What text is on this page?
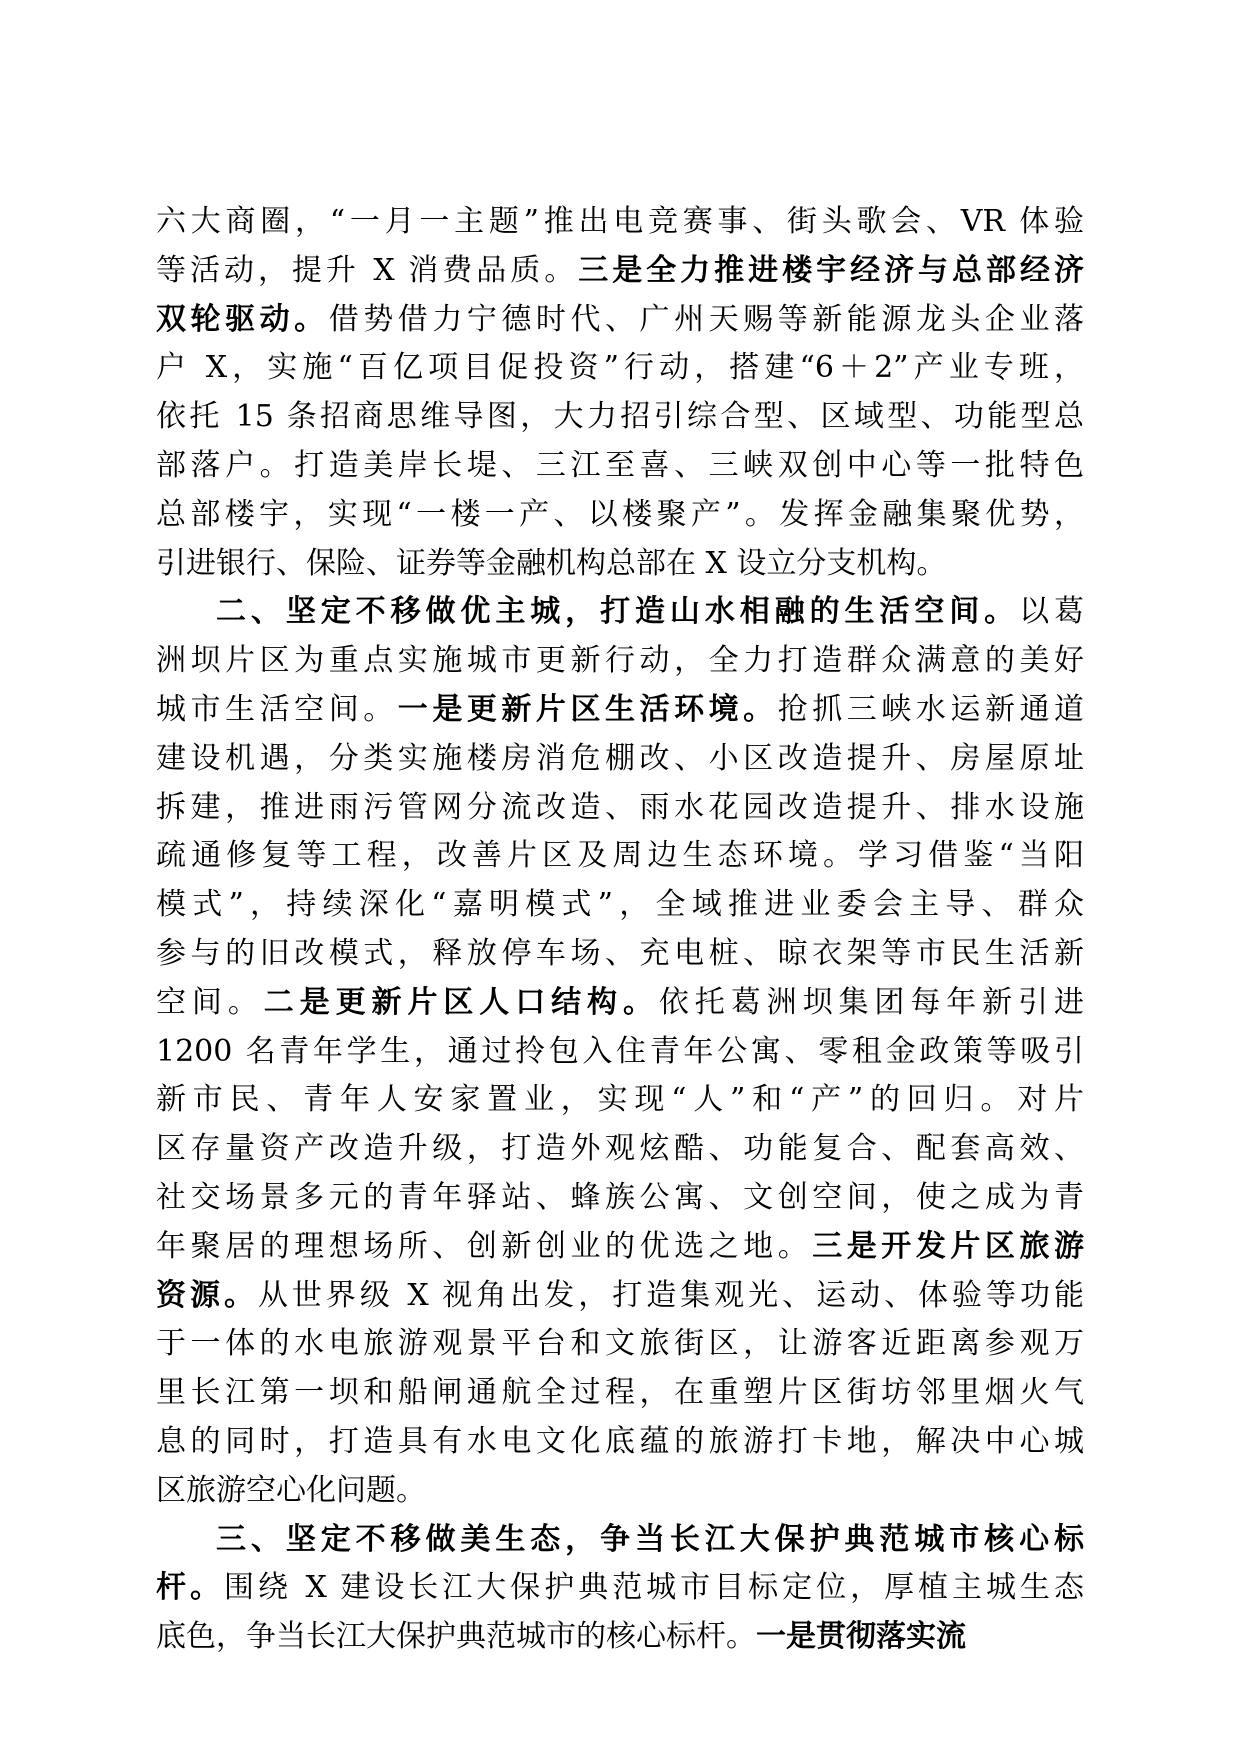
六大商圈，“一月一主题”推出电竞赛事、街头歌会、VR 体验
等活动，提升 X 消费品质。三是全力推进楼宇经济与总部经济
双轮驱动。借势借力宁德时代、广州天赐等新能源龙头企业落
户 X，实施“百亿项目促投资”行动，搭建“6＋2”产业专班，
依托 15 条招商思维导图，大力招引综合型、区域型、功能型总
部落户。打造美岸长堤、三江至喜、三峡双创中心等一批特色
总部楼宇，实现“一楼一产、以楼聚产”。发挥金融集聚优势，
引进银行、保险、证券等金融机构总部在 X 设立分支机构。
二、坚定不移做优主城，打造山水相融的生活空间。以葛
洲坝片区为重点实施城市更新行动，全力打造群众满意的美好
城市生活空间。一是更新片区生活环境。抢抓三峡水运新通道
建设机遇，分类实施楼房消危棚改、小区改造提升、房屋原址
拆建，推进雨污管网分流改造、雨水花园改造提升、排水设施
疏通修复等工程，改善片区及周边生态环境。学习借鉴“当阳
模式”，持续深化“嘉明模式”，全域推进业委会主导、群众
参与的旧改模式，释放停车场、充电桩、晾衣架等市民生活新
空间。二是更新片区人口结构。依托葛洲坝集团每年新引进
1200 名青年学生，通过拎包入住青年公寓、零租金政策等吸引
新市民、青年人安家置业，实现“人”和“产”的回归。对片
区存量资产改造升级，打造外观炫酷、功能复合、配套高效、
社交场景多元的青年驿站、蜂族公寓、文创空间，使之成为青
年聚居的理想场所、创新创业的优选之地。三是开发片区旅游
资源。从世界级 X 视角出发，打造集观光、运动、体验等功能
于一体的水电旅游观景平台和文旅街区，让游客近距离参观万
里长江第一坝和船闸通航全过程，在重塑片区街坊邻里烟火气
息的同时，打造具有水电文化底蕴的旅游打卡地，解决中心城
区旅游空心化问题。
三、坚定不移做美生态，争当长江大保护典范城市核心标
杆。围绕 X 建设长江大保护典范城市目标定位，厚植主城生态
底色，争当长江大保护典范城市的核心标杆。一是贯彻落实流
